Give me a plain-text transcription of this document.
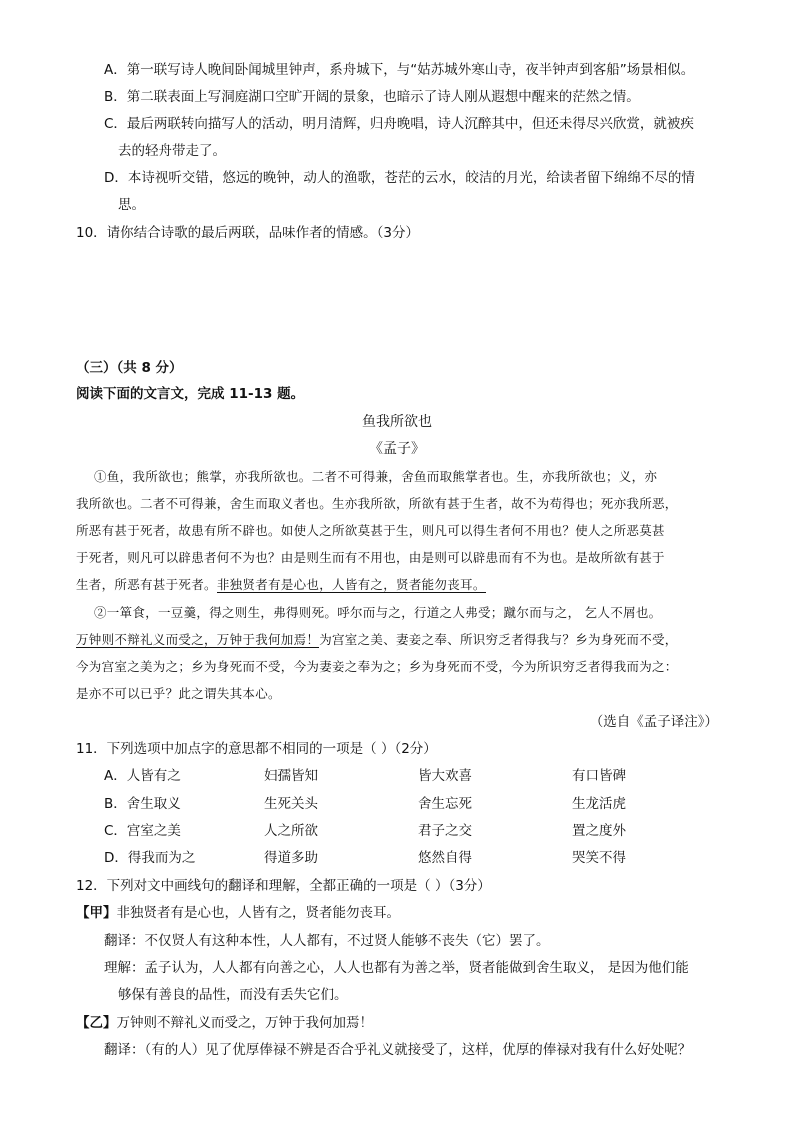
A．第一联写诗人晚间卧闻城里钟声，系舟城下，与“姑苏城外寒山寺，夜半钟声到客船”场景相似。
B．第二联表面上写洞庭湖口空旷开阔的景象，也暗示了诗人刚从遐想中醒来的茫然之情。
C．最后两联转向描写人的活动，明月清辉，归舟晚唱，诗人沉醉其中，但还未得尽兴欣赏，就被疾
去的轻舟带走了。
D．本诗视听交错，悠远的晚钟，动人的渔歌，苍茫的云水，皎洁的月光，给读者留下绵绵不尽的情
思。
10．请你结合诗歌的最后两联，品味作者的情感。（3分）
（三）（共 8 分）
阅读下面的文言文，完成 11-13 题。
鱼我所欲也
《孟子》
①鱼，我所欲也；熊掌，亦我所欲也。二者不可得兼，舍鱼而取熊掌者也。生，亦我所欲也；义，亦
我所欲也。二者不可得兼，舍生而取义者也。生亦我所欲，所欲有甚于生者，故不为苟得也；死亦我所恶，
所恶有甚于死者，故患有所不辟也。如使人之所欲莫甚于生，则凡可以得生者何不用也？使人之所恶莫甚
于死者，则凡可以辟患者何不为也？由是则生而有不用也，由是则可以辟患而有不为也。是故所欲有甚于
生者，所恶有甚于死者。非独贤者有是心也，人皆有之，贤者能勿丧耳。
②一箪食，一豆羹，得之则生，弗得则死。呼尔而与之，行道之人弗受；蹴尔而与之， 乞人不屑也。
万钟则不辩礼义而受之，万钟于我何加焉！为宫室之美、妻妾之奉、所识穷乏者得我与？乡为身死而不受，
今为宫室之美为之；乡为身死而不受，今为妻妾之奉为之；乡为身死而不受，今为所识穷乏者得我而为之：
是亦不可以已乎？此之谓失其本心。
（选自《孟子译注》）
11．下列选项中加点字的意思都不相同的一项是（ ）（2分）
A．人皆有之	妇孺皆知	皆大欢喜	有口皆碑
B．舍生取义	生死关头	舍生忘死	生龙活虎
C．宫室之美	人之所欲	君子之交	置之度外
D．得我而为之	得道多助	悠然自得	哭笑不得
12．下列对文中画线句的翻译和理解，全都正确的一项是（ ）（3分）
【甲】非独贤者有是心也，人皆有之，贤者能勿丧耳。
翻译：不仅贤人有这种本性，人人都有，不过贤人能够不丧失（它）罢了。
理解：孟子认为，人人都有向善之心，人人也都有为善之举，贤者能做到舍生取义， 是因为他们能
够保有善良的品性，而没有丢失它们。
【乙】万钟则不辩礼义而受之，万钟于我何加焉！
翻译：（有的人）见了优厚俸禄不辨是否合乎礼义就接受了，这样，优厚的俸禄对我有什么好处呢？
